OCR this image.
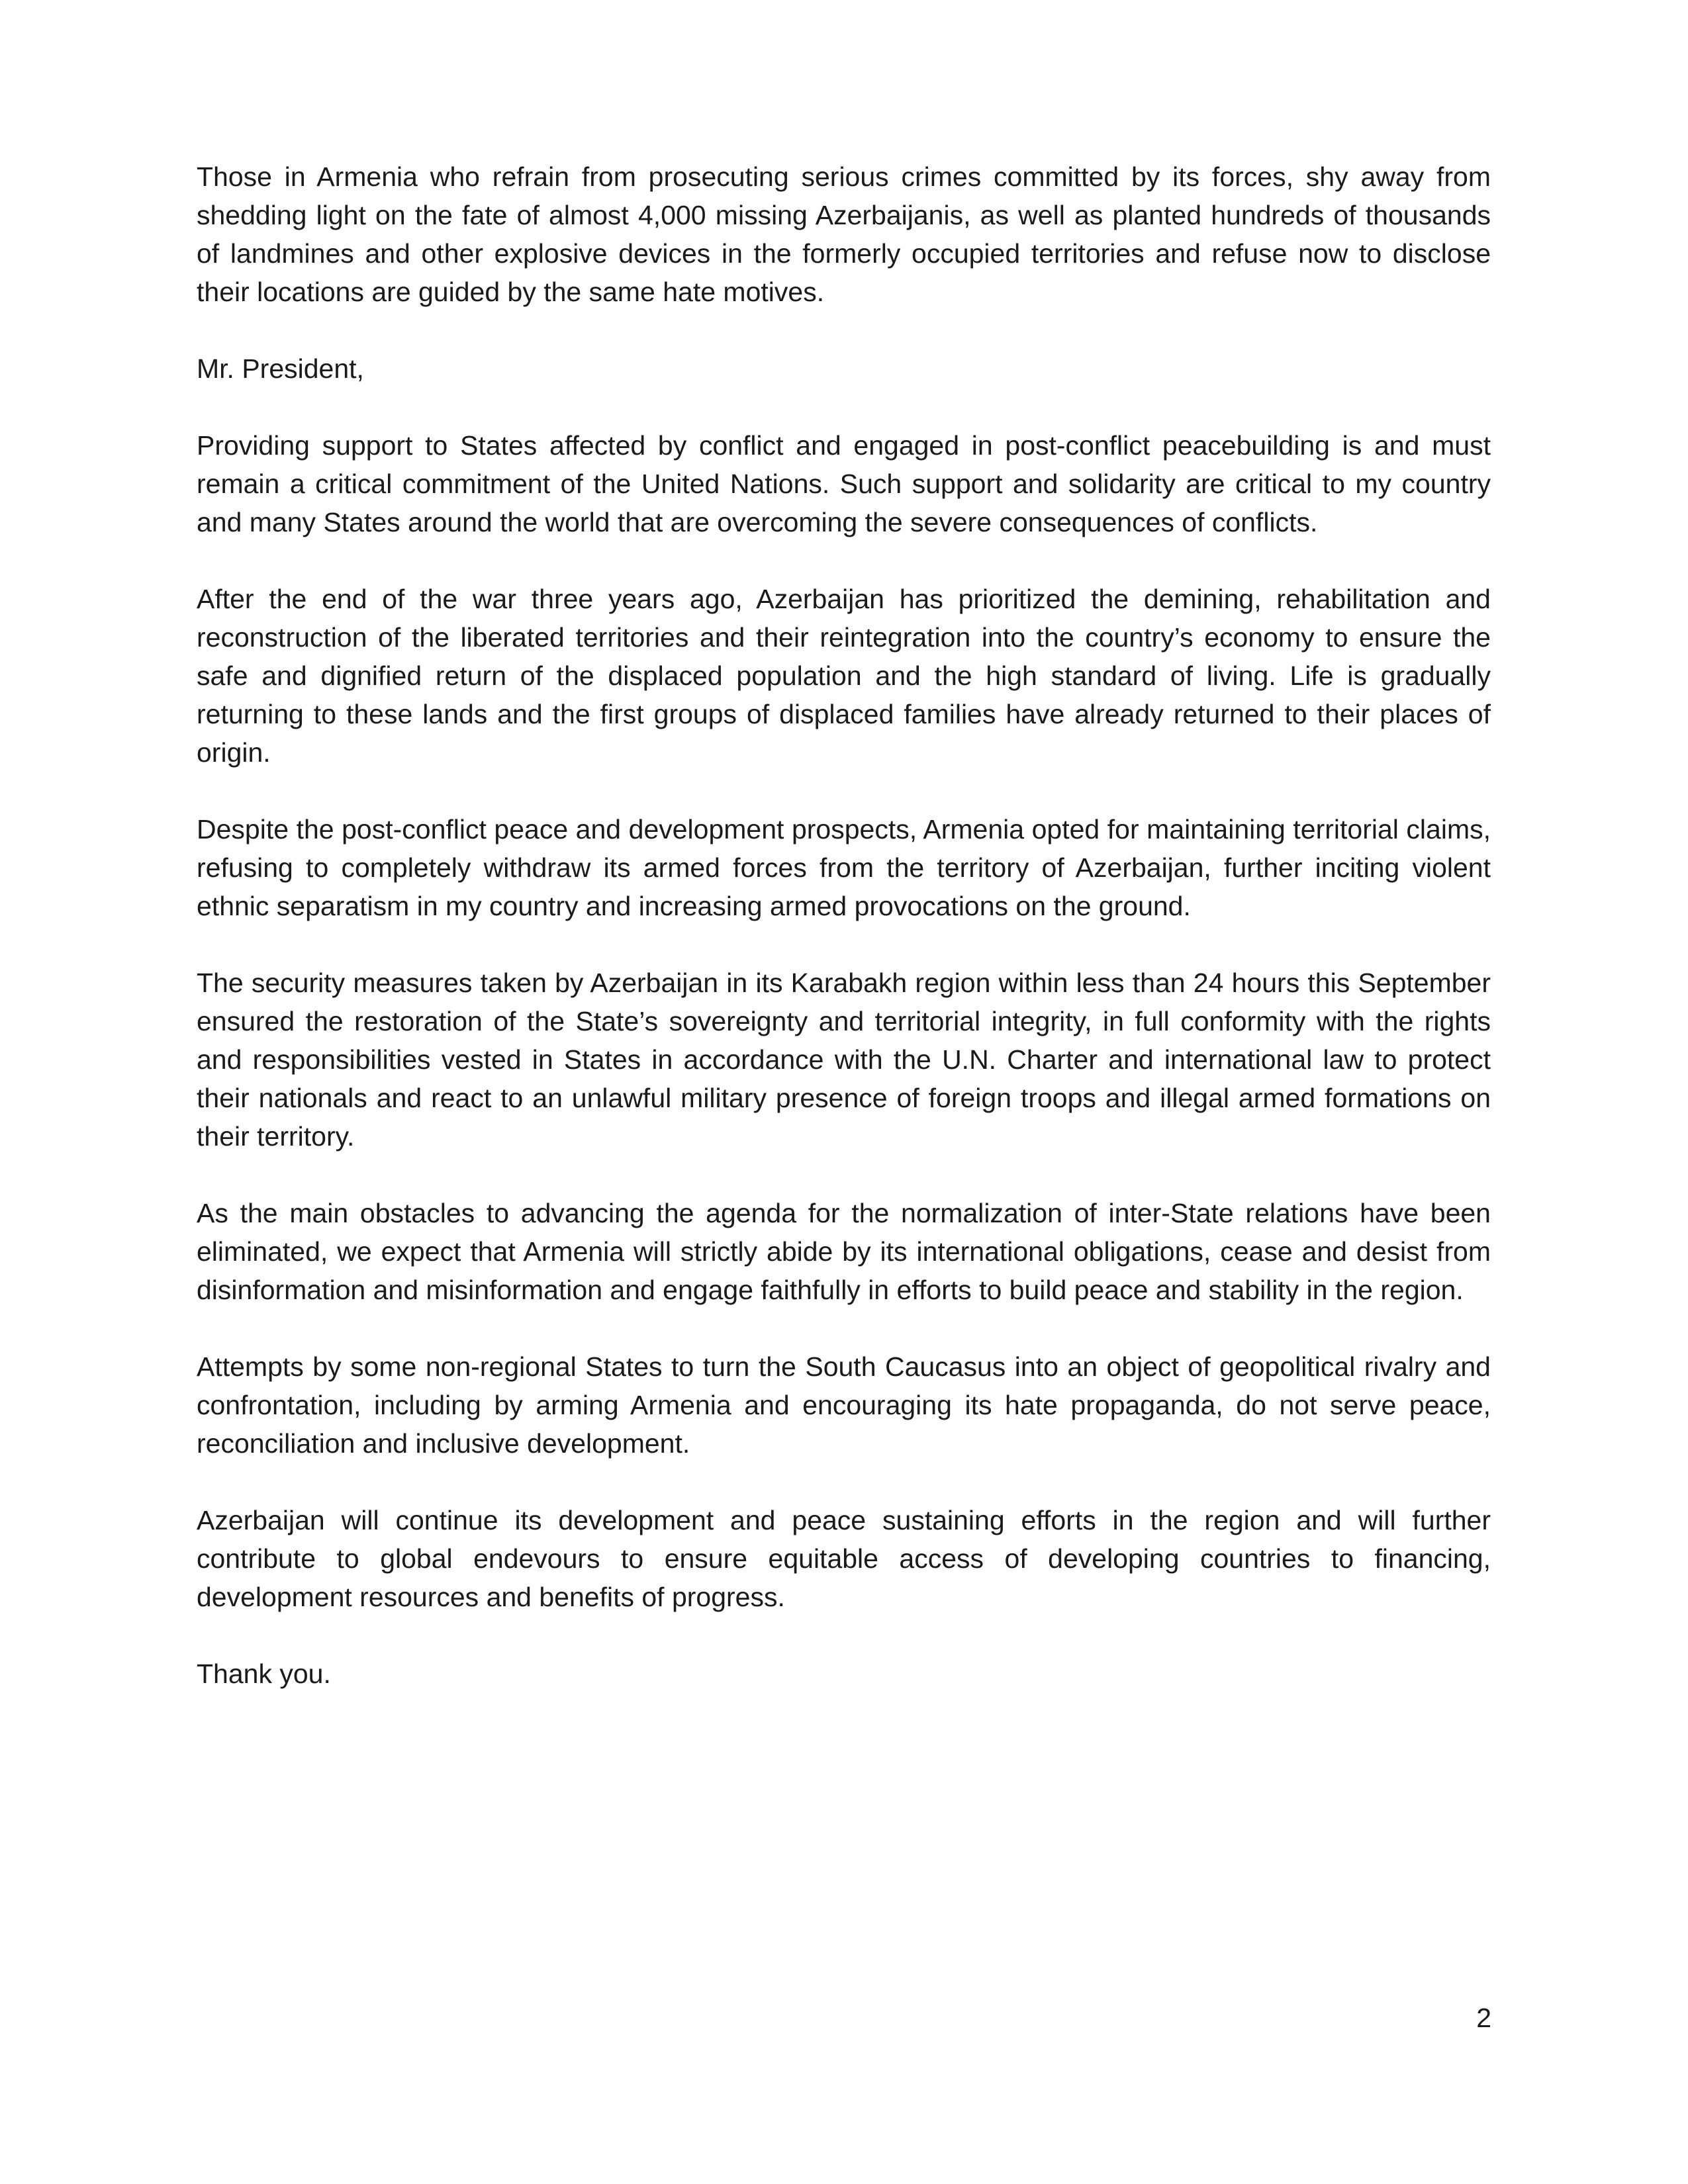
Those in Armenia who refrain from prosecuting serious crimes committed by its forces, shy away from shedding light on the fate of almost 4,000 missing Azerbaijanis, as well as planted hundreds of thousands of landmines and other explosive devices in the formerly occupied territories and refuse now to disclose their locations are guided by the same hate motives.

Mr. President,

Providing support to States affected by conflict and engaged in post-conflict peacebuilding is and must remain a critical commitment of the United Nations. Such support and solidarity are critical to my country and many States around the world that are overcoming the severe consequences of conflicts.

After the end of the war three years ago, Azerbaijan has prioritized the demining, rehabilitation and reconstruction of the liberated territories and their reintegration into the country’s economy to ensure the safe and dignified return of the displaced population and the high standard of living. Life is gradually returning to these lands and the first groups of displaced families have already returned to their places of origin.

Despite the post-conflict peace and development prospects, Armenia opted for maintaining territorial claims, refusing to completely withdraw its armed forces from the territory of Azerbaijan, further inciting violent ethnic separatism in my country and increasing armed provocations on the ground.

The security measures taken by Azerbaijan in its Karabakh region within less than 24 hours this September ensured the restoration of the State’s sovereignty and territorial integrity, in full conformity with the rights and responsibilities vested in States in accordance with the U.N. Charter and international law to protect their nationals and react to an unlawful military presence of foreign troops and illegal armed formations on their territory.

As the main obstacles to advancing the agenda for the normalization of inter-State relations have been eliminated, we expect that Armenia will strictly abide by its international obligations, cease and desist from disinformation and misinformation and engage faithfully in efforts to build peace and stability in the region.

Attempts by some non-regional States to turn the South Caucasus into an object of geopolitical rivalry and confrontation, including by arming Armenia and encouraging its hate propaganda, do not serve peace, reconciliation and inclusive development.

Azerbaijan will continue its development and peace sustaining efforts in the region and will further contribute to global endevours to ensure equitable access of developing countries to financing, development resources and benefits of progress.

Thank you.

2
